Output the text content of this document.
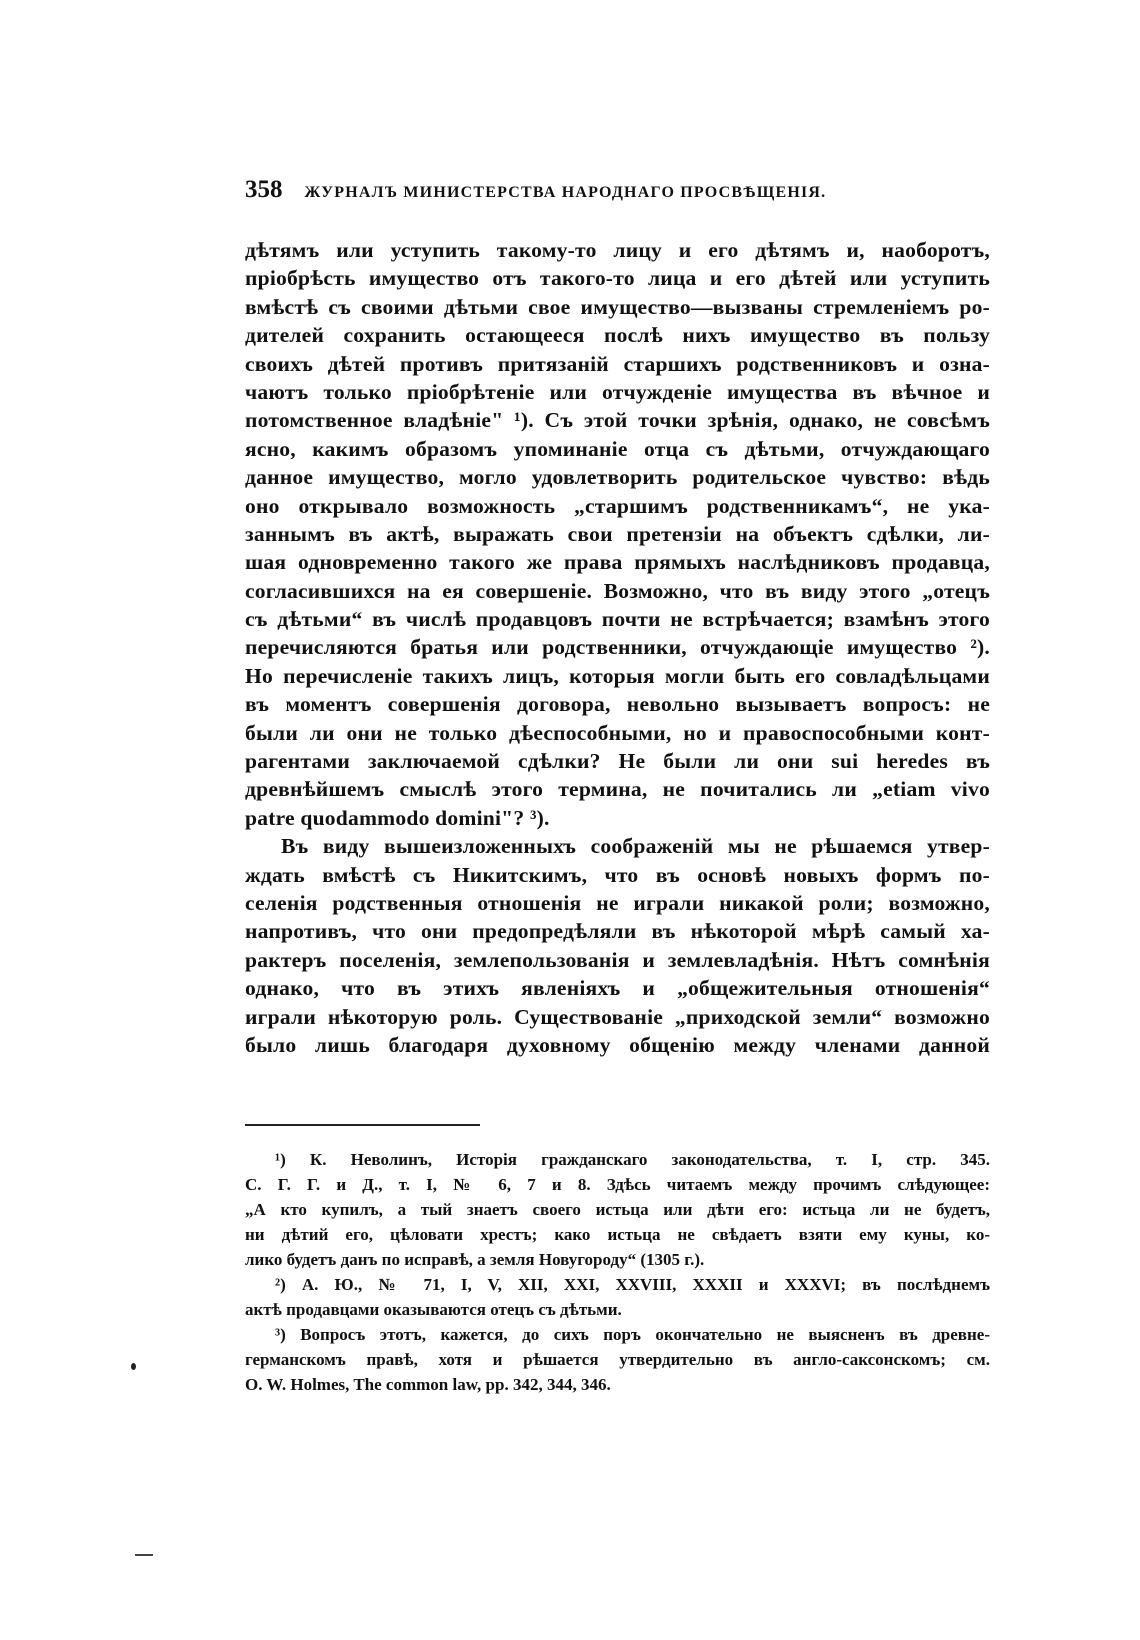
358 ЖУРНАЛЪ МИНИСТЕРСТВА НАРОДНАГО ПРОСВѢЩЕНІЯ.
дѣтямъ или уступить такому-то лицу и его дѣтямъ и, наоборотъ,
пріобрѣсть имущество отъ такого-то лица и его дѣтей или уступить
вмѣстѣ съ своими дѣтьми свое имущество—вызваны стремленіемъ ро-
дителей сохранить остающееся послѣ нихъ имущество въ пользу
своихъ дѣтей противъ притязаній старшихъ родственниковъ и озна-
чаютъ только пріобрѣтеніе или отчужденіе имущества въ вѣчное и
потомственное владѣніе" ¹). Съ этой точки зрѣнія, однако, не совсѣмъ
ясно, какимъ образомъ упоминаніе отца съ дѣтьми, отчуждающаго
данное имущество, могло удовлетворить родительское чувство: вѣдь
оно открывало возможность „старшимъ родственникамъ“, не ука-
заннымъ въ актѣ, выражать свои претензіи на объектъ сдѣлки, ли-
шая одновременно такого же права прямыхъ наслѣдниковъ продавца,
согласившихся на ея совершеніе. Возможно, что въ виду этого „отецъ
съ дѣтьми“ въ числѣ продавцовъ почти не встрѣчается; взамѣнъ этого
перечисляются братья или родственники, отчуждающіе имущество ²).
Но перечисленіе такихъ лицъ, которыя могли быть его совладѣльцами
въ моментъ совершенія договора, невольно вызываетъ вопросъ: не
были ли они не только дѣеспособными, но и правоспособными конт-
рагентами заключаемой сдѣлки? Не были ли они sui heredes въ
древнѣйшемъ смыслѣ этого термина, не почитались ли „etiam vivo
patre quodammodo domini"? ³).
Въ виду вышеизложенныхъ соображеній мы не рѣшаемся утвер-
ждать вмѣстѣ съ Никитскимъ, что въ основѣ новыхъ формъ по-
селенія родственныя отношенія не играли никакой роли; возможно,
напротивъ, что они предопредѣляли въ нѣкоторой мѣрѣ самый ха-
рактеръ поселенія, землепользованія и землевладѣнія. Нѣтъ сомнѣнія
однако, что въ этихъ явленіяхъ и „общежительныя отношенія“
играли нѣкоторую роль. Существованіе „приходской земли“ возможно
было лишь благодаря духовному общенію между членами данной
¹) К. Неволинъ, Исторія гражданскаго законодательства, т. I, стр. 345.
С. Г. Г. и Д., т. I, № 6, 7 и 8. Здѣсь читаемъ между прочимъ слѣдующее:
„А кто купилъ, а тый знаетъ своего истьца или дѣти его: истьца ли не будетъ,
ни дѣтий его, цѣловати хрестъ; како истьца не свѣдаетъ взяти ему куны, ко-
лико будетъ данъ по исправѣ, а земля Новугороду“ (1305 г.).
²) А. Ю., № 71, I, V, XII, XXI, XXVIII, XXXII и XXXVI; въ послѣднемъ
актѣ продавцами оказываются отецъ съ дѣтьми.
³) Вопросъ этотъ, кажется, до сихъ поръ окончательно не выясненъ въ древне-
германскомъ правѣ, хотя и рѣшается утвердительно въ англо-саксонскомъ; см.
O. W. Holmes, The common law, pp. 342, 344, 346.
